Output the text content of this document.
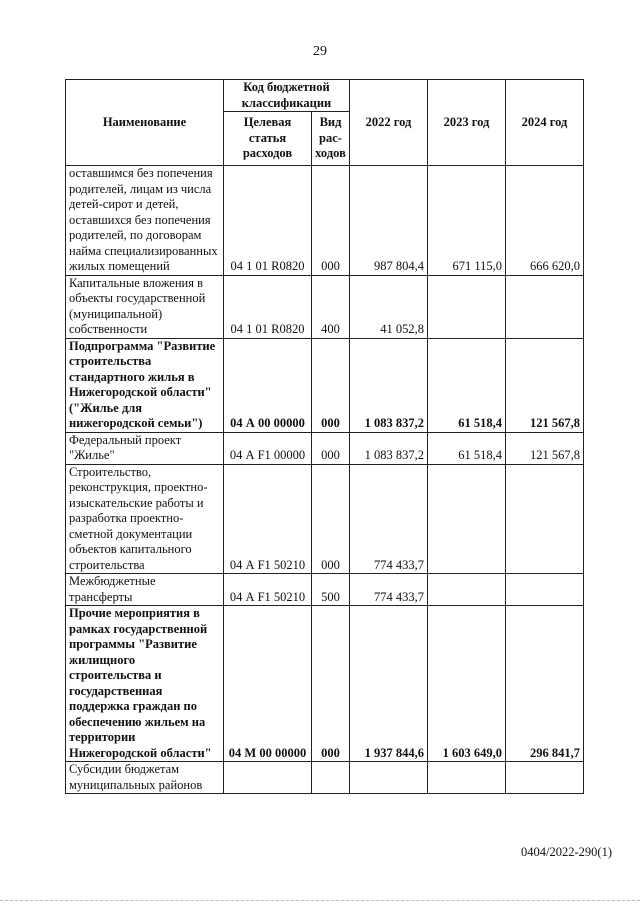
29
Наименование	Код бюджетной классификации		2022 год	2023 год	2024 год
	Целевая статья расходов	Вид рас-ходов			
оставшимся без попечения родителей, лицам из числа детей-сирот и детей, оставшихся без попечения родителей, по договорам найма специализированных жилых помещений	04 1 01 R0820	000	987 804,4	671 115,0	666 620,0
Капитальные вложения в объекты государственной (муниципальной) собственности	04 1 01 R0820	400	41 052,8		
Подпрограмма "Развитие строительства стандартного жилья в Нижегородской области" ("Жилье для нижегородской семьи")	04 А 00 00000	000	1 083 837,2	61 518,4	121 567,8
Федеральный проект "Жилье"	04 А F1 00000	000	1 083 837,2	61 518,4	121 567,8
Строительство, реконструкция, проектно-изыскательские работы и разработка проектно-сметной документации объектов капитального строительства	04 А F1 50210	000	774 433,7		
Межбюджетные трансферты	04 А F1 50210	500	774 433,7		
Прочие мероприятия в рамках государственной программы "Развитие жилищного строительства и государственная поддержка граждан по обеспечению жильем на территории Нижегородской области"	04 М 00 00000	000	1 937 844,6	1 603 649,0	296 841,7
Субсидии бюджетам муниципальных районов					
0404/2022-290(1)
